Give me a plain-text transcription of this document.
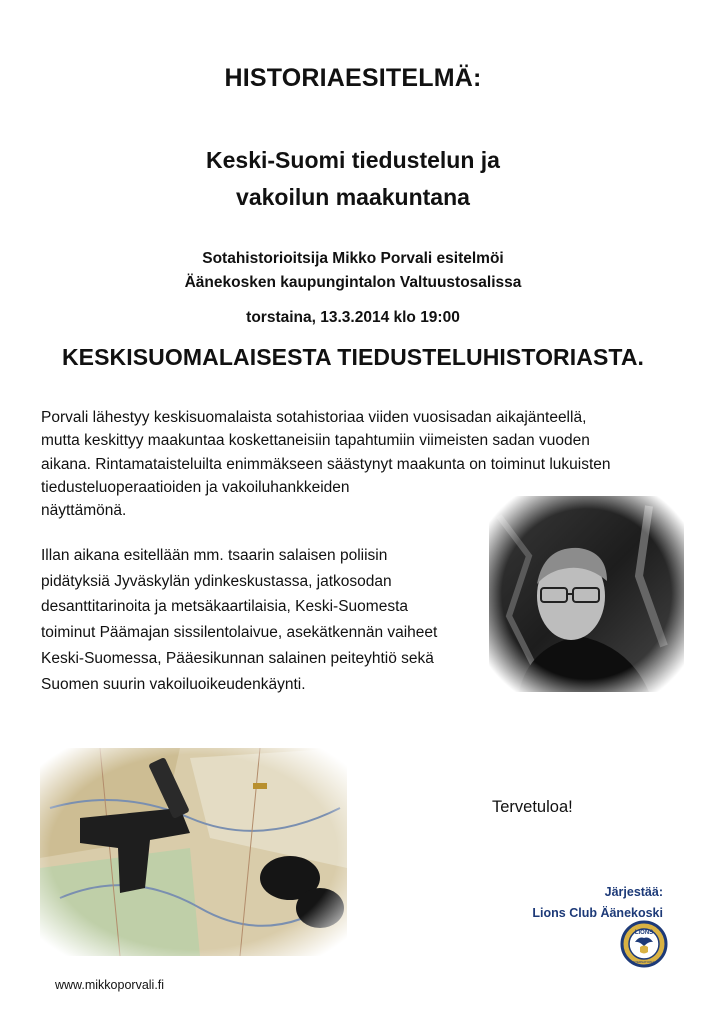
HISTORIAESITELMÄ:
Keski-Suomi tiedustelun ja
vakoilun maakuntana
Sotahistorioitsija Mikko Porvali esitelmöi
Äänekosken kaupungintalon Valtuustosalissa
torstaina, 13.3.2014 klo 19:00
KESKISUOMALAISESTA TIEDUSTELUHISTORIASTA.
Porvali lähestyy keskisuomalaista sotahistoriaa viiden vuosisadan aikajänteellä,
mutta keskittyy maakuntaa koskettaneisiin tapahtumiin viimeisten sadan vuoden
aikana. Rintamataisteluilta enimmäkseen säästynyt maakunta on toiminut lukuisten
tiedusteluoperaatioiden ja vakoiluhankkeiden
näyttämönä.
Illan aikana esitellään mm. tsaarin salaisen poliisin
pidätyksiä Jyväskylän ydinkeskustassa, jatkosodan
desanttitarinoita ja metsäkaartilaisia, Keski-Suomesta
toiminut Päämajan sissilentolaivue, asekätkennän vaiheet
Keski-Suomessa, Pääesikunnan salainen peiteyhtiö sekä
Suomen suurin vakoiluoikeudenkäynti.
Tervetuloa!
Järjestää:
Lions Club Äänekoski
LIONS
INTERNATIONAL
www.mikkoporvali.fi
